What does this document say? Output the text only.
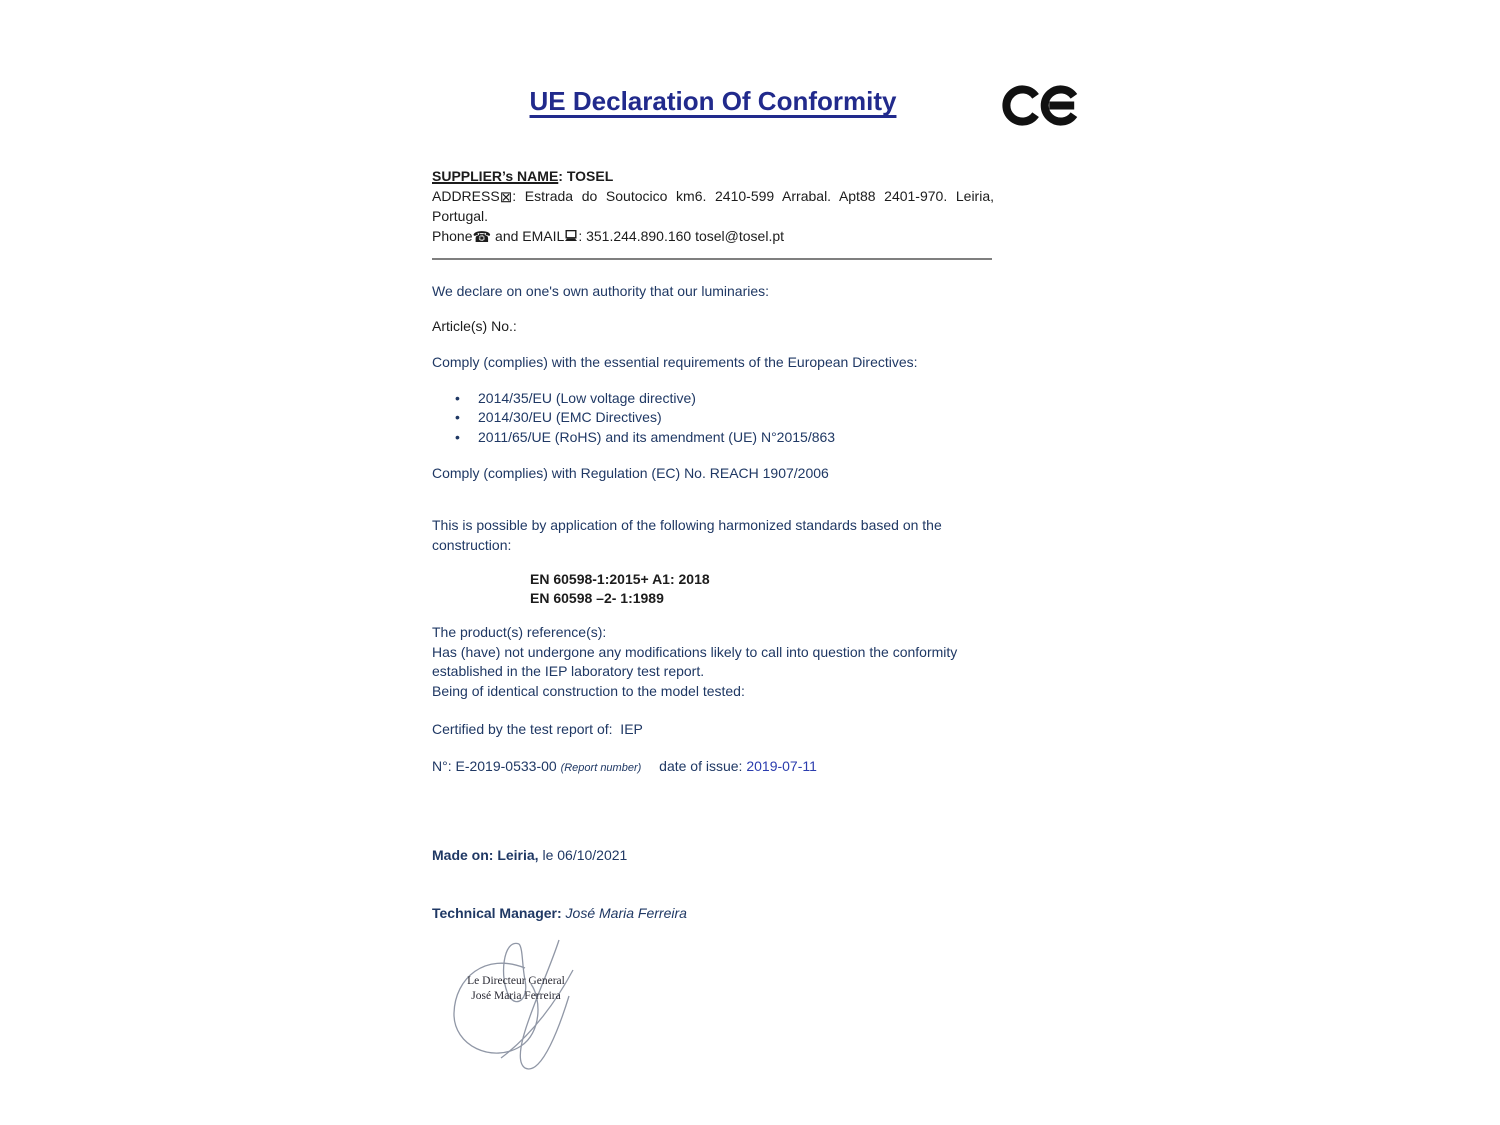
UE Declaration Of Conformity
SUPPLIER’s NAME: TOSEL
ADDRESS⊠: Estrada do Soutocico km6. 2410-599 Arrabal. Apt88 2401-970. Leiria,
Portugal.
Phone☎ and EMAIL : 351.244.890.160 tosel@tosel.pt
We declare on one's own authority that our luminaries:
Article(s) No.:
Comply (complies) with the essential requirements of the European Directives:
• 2014/35/EU (Low voltage directive)
• 2014/30/EU (EMC Directives)
• 2011/65/UE (RoHS) and its amendment (UE) N°2015/863
Comply (complies) with Regulation (EC) No. REACH 1907/2006
This is possible by application of the following harmonized standards based on the
construction:
EN 60598-1:2015+ A1: 2018
EN 60598 –2- 1:1989
The product(s) reference(s):
Has (have) not undergone any modifications likely to call into question the conformity
established in the IEP laboratory test report.
Being of identical construction to the model tested:
Certified by the test report of:  IEP
N°: E-2019-0533-00 (Report number) date of issue: 2019-07-11
Made on: Leiria, le 06/10/2021
Technical Manager: José Maria Ferreira
Le Directeur General
José Maria Ferreira
